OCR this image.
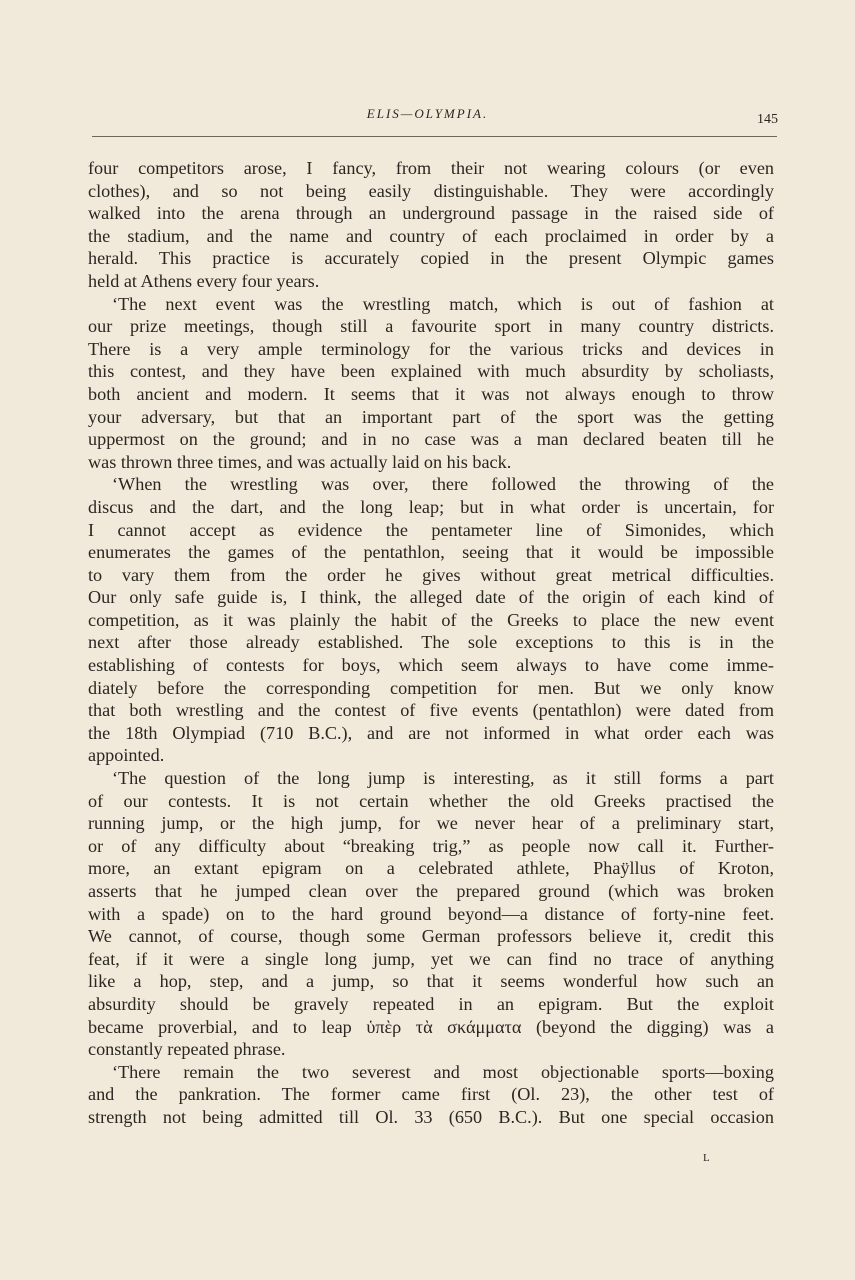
ELIS—OLYMPIA.	145
four competitors arose, I fancy, from their not wearing colours (or even
clothes), and so not being easily distinguishable. They were accordingly
walked into the arena through an underground passage in the raised side of
the stadium, and the name and country of each proclaimed in order by a
herald. This practice is accurately copied in the present Olympic games
held at Athens every four years.
‘The next event was the wrestling match, which is out of fashion at
our prize meetings, though still a favourite sport in many country districts.
There is a very ample terminology for the various tricks and devices in
this contest, and they have been explained with much absurdity by scholiasts,
both ancient and modern. It seems that it was not always enough to throw
your adversary, but that an important part of the sport was the getting
uppermost on the ground; and in no case was a man declared beaten till he
was thrown three times, and was actually laid on his back.
‘When the wrestling was over, there followed the throwing of the
discus and the dart, and the long leap; but in what order is uncertain, for
I cannot accept as evidence the pentameter line of Simonides, which
enumerates the games of the pentathlon, seeing that it would be impossible
to vary them from the order he gives without great metrical difficulties.
Our only safe guide is, I think, the alleged date of the origin of each kind of
competition, as it was plainly the habit of the Greeks to place the new event
next after those already established. The sole exceptions to this is in the
establishing of contests for boys, which seem always to have come imme-
diately before the corresponding competition for men. But we only know
that both wrestling and the contest of five events (pentathlon) were dated from
the 18th Olympiad (710 B.C.), and are not informed in what order each was
appointed.
‘The question of the long jump is interesting, as it still forms a part
of our contests. It is not certain whether the old Greeks practised the
running jump, or the high jump, for we never hear of a preliminary start,
or of any difficulty about “breaking trig,” as people now call it. Further-
more, an extant epigram on a celebrated athlete, Phaÿllus of Kroton,
asserts that he jumped clean over the prepared ground (which was broken
with a spade) on to the hard ground beyond—a distance of forty-nine feet.
We cannot, of course, though some German professors believe it, credit this
feat, if it were a single long jump, yet we can find no trace of anything
like a hop, step, and a jump, so that it seems wonderful how such an
absurdity should be gravely repeated in an epigram. But the exploit
became proverbial, and to leap ὑπὲρ τὰ σκάμματα (beyond the digging) was a
constantly repeated phrase.
‘There remain the two severest and most objectionable sports—boxing
and the pankration. The former came first (Ol. 23), the other test of
strength not being admitted till Ol. 33 (650 B.C.). But one special occasion
L
